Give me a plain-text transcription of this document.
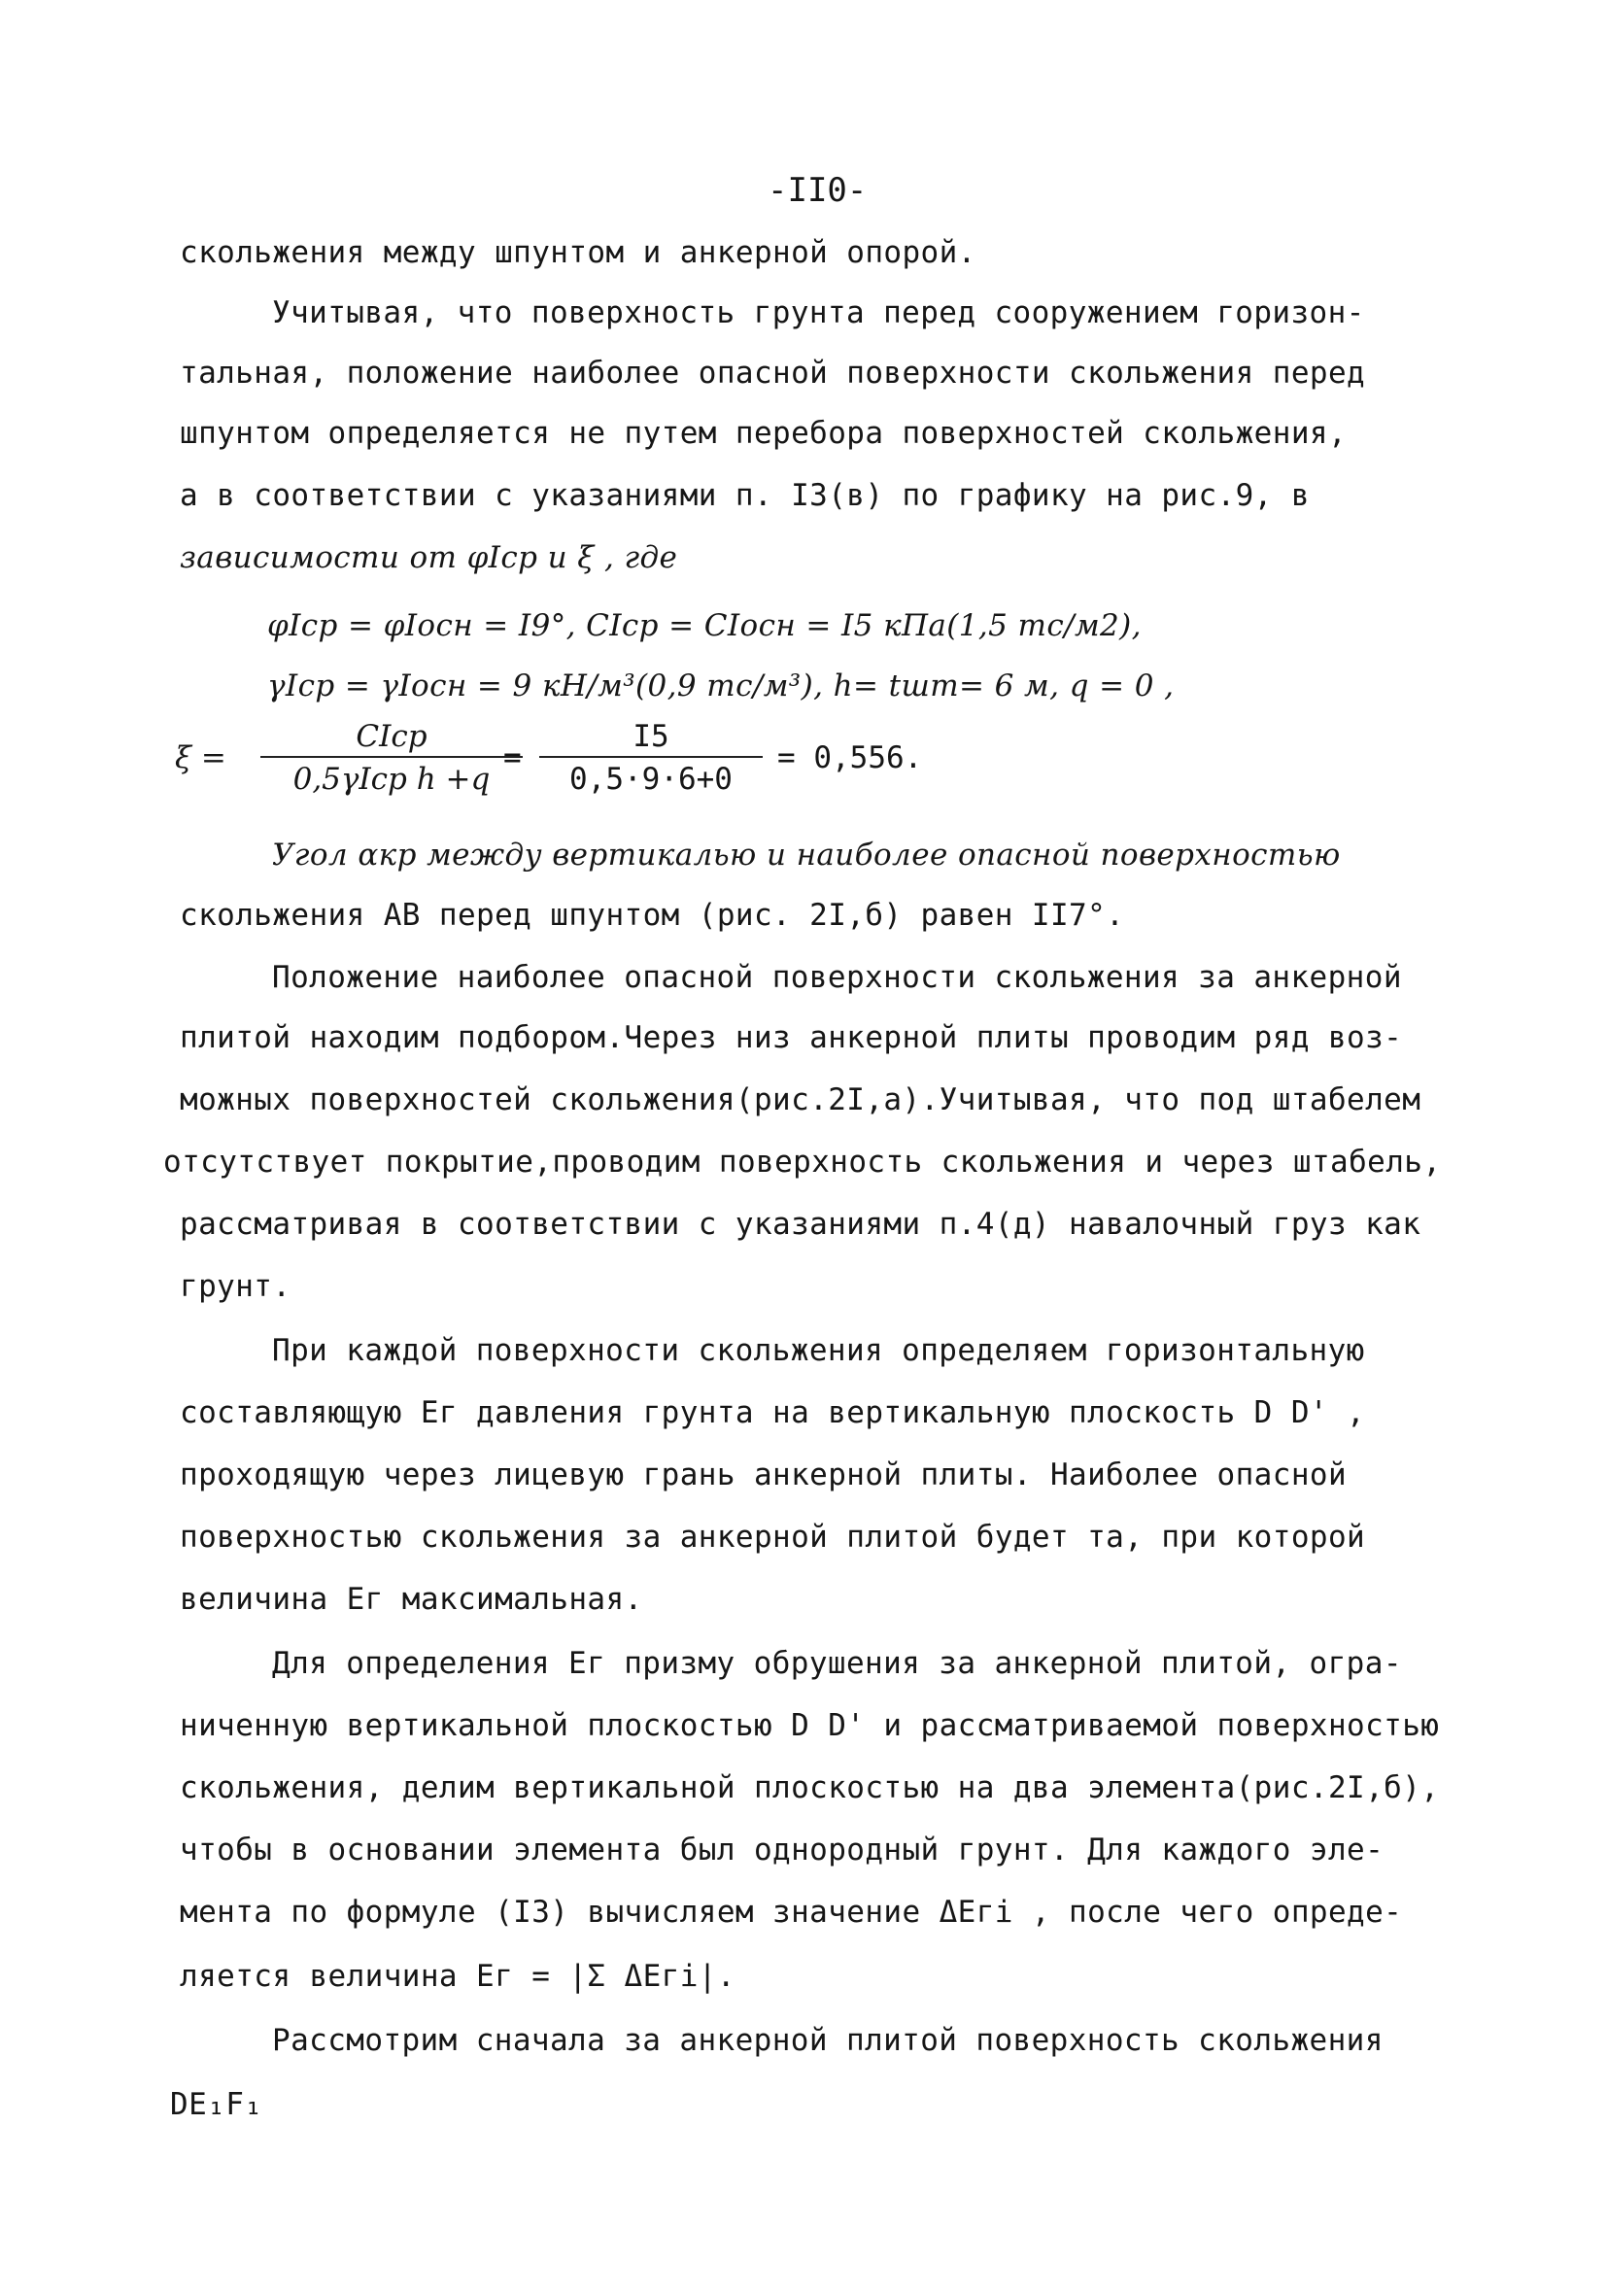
-II0-
скольжения между шпунтом и анкерной опорой.
Учитывая, что поверхность грунта перед сооружением горизон-
тальная, положение наиболее опасной поверхности скольжения перед
шпунтом определяется не путем перебора поверхностей скольжения,
а в соответствии с указаниями п. I3(в) по графику на рис.9, в
зависимости от φIср и ξ , где
φIср = φIосн = I9°, CIср = CIосн = I5 кПа(1,5 тс/м2),
γIср = γIосн = 9 кН/м³(0,9 тс/м³), h= tшт= 6 м, q = 0 ,
ξ =
CIср
0,5γIср h +q
= $\frac{I5}{0,5\cdot 9\cdot 6+0} = 0,556$.
Угол αкр между вертикалью и наиболее опасной поверхностью
скольжения AB перед шпунтом (рис. 2I,б) равен II7°.
Положение наиболее опасной поверхности скольжения за анкерной
плитой находим подбором.Через низ анкерной плиты проводим ряд воз-
можных поверхностей скольжения(рис.2I,а).Учитывая, что под штабелем
отсутствует покрытие,проводим поверхность скольжения и через штабель,
рассматривая в соответствии с указаниями п.4(д) навалочный груз как
грунт.
При каждой поверхности скольжения определяем горизонтальную
составляющую Eг давления грунта на вертикальную плоскость D D' ,
проходящую через лицевую грань анкерной плиты. Наиболее опасной
поверхностью скольжения за анкерной плитой будет та, при которой
величина Eг максимальная.
Для определения Eг призму обрушения за анкерной плитой, огра-
ниченную вертикальной плоскостью D D' и рассматриваемой поверхностью
скольжения, делим вертикальной плоскостью на два элемента(рис.2I,б),
чтобы в основании элемента был однородный грунт. Для каждого эле-
мента по формуле (I3) вычисляем значение ΔEгi , после чего опреде-
ляется величина Eг = |Σ ΔEгi|.
Рассмотрим сначала за анкерной плитой поверхность скольжения
DE₁F₁
